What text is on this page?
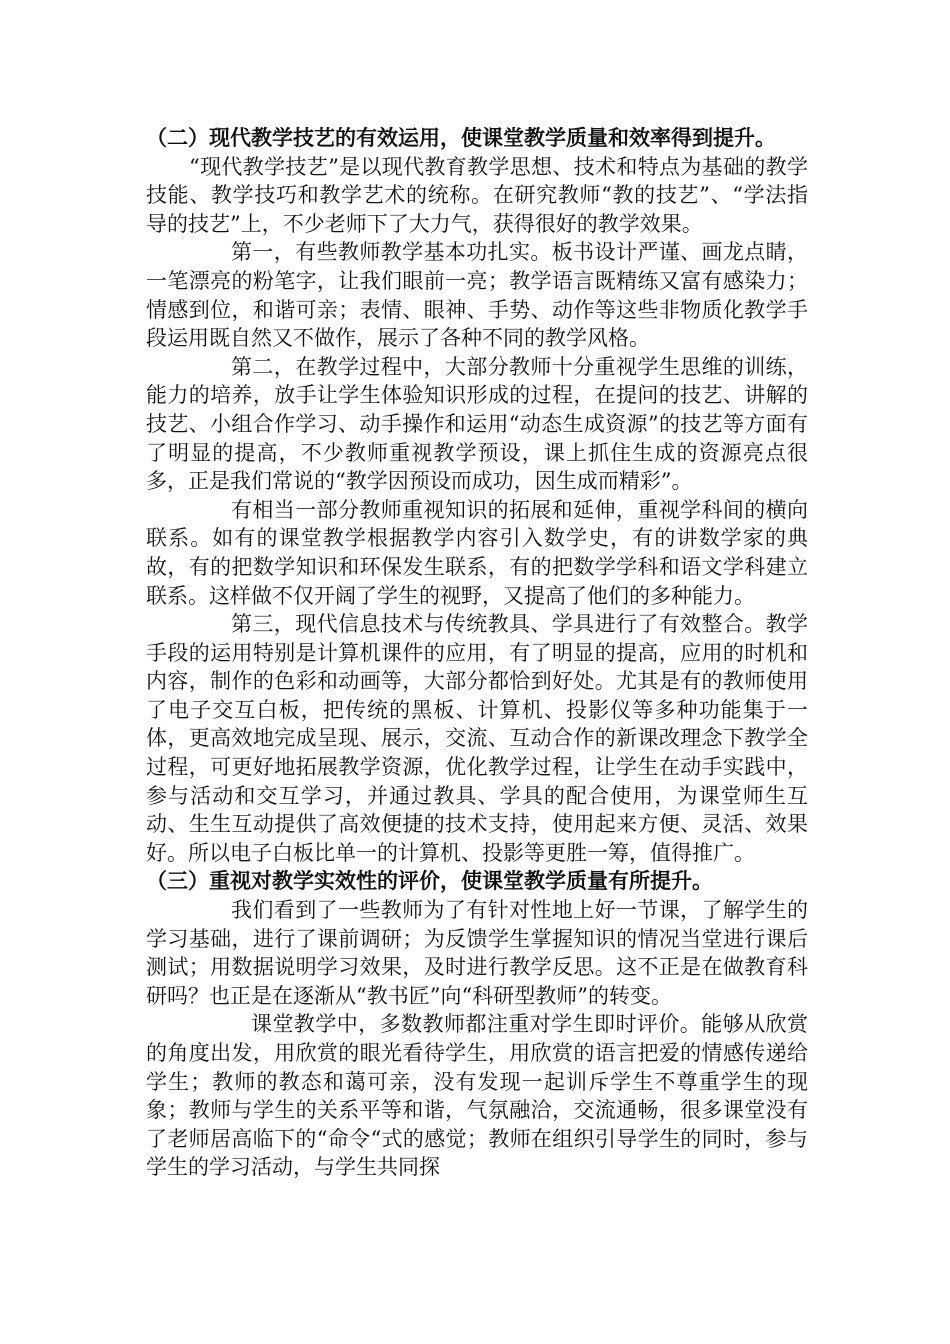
（二）现代教学技艺的有效运用，使课堂教学质量和效率得到提升。

“现代教学技艺”是以现代教育教学思想、技术和特点为基础的教学技能、教学技巧和教学艺术的统称。在研究教师“教的技艺”、“学法指导的技艺”上，不少老师下了大力气，获得很好的教学效果。

第一，有些教师教学基本功扎实。板书设计严谨、画龙点睛，一笔漂亮的粉笔字，让我们眼前一亮；教学语言既精练又富有感染力；情感到位，和谐可亲；表情、眼神、手势、动作等这些非物质化教学手段运用既自然又不做作，展示了各种不同的教学风格。

第二，在教学过程中，大部分教师十分重视学生思维的训练，能力的培养，放手让学生体验知识形成的过程，在提问的技艺、讲解的技艺、小组合作学习、动手操作和运用“动态生成资源”的技艺等方面有了明显的提高，不少教师重视教学预设，课上抓住生成的资源亮点很多，正是我们常说的“教学因预设而成功，因生成而精彩”。

有相当一部分教师重视知识的拓展和延伸，重视学科间的横向联系。如有的课堂教学根据教学内容引入数学史，有的讲数学家的典故，有的把数学知识和环保发生联系，有的把数学学科和语文学科建立联系。这样做不仅开阔了学生的视野，又提高了他们的多种能力。

第三，现代信息技术与传统教具、学具进行了有效整合。教学手段的运用特别是计算机课件的应用，有了明显的提高，应用的时机和内容，制作的色彩和动画等，大部分都恰到好处。尤其是有的教师使用了电子交互白板，把传统的黑板、计算机、投影仪等多种功能集于一体，更高效地完成呈现、展示，交流、互动合作的新课改理念下教学全过程，可更好地拓展教学资源，优化教学过程，让学生在动手实践中，参与活动和交互学习，并通过教具、学具的配合使用，为课堂师生互动、生生互动提供了高效便捷的技术支持，使用起来方便、灵活、效果好。所以电子白板比单一的计算机、投影等更胜一筹，值得推广。

（三）重视对教学实效性的评价，使课堂教学质量有所提升。

我们看到了一些教师为了有针对性地上好一节课，了解学生的学习基础，进行了课前调研；为反馈学生掌握知识的情况当堂进行课后测试；用数据说明学习效果，及时进行教学反思。这不正是在做教育科研吗？也正是在逐渐从“教书匠”向“科研型教师”的转变。

课堂教学中，多数教师都注重对学生即时评价。能够从欣赏的角度出发，用欣赏的眼光看待学生，用欣赏的语言把爱的情感传递给学生；教师的教态和蔼可亲，没有发现一起训斥学生不尊重学生的现象；教师与学生的关系平等和谐，气氛融洽，交流通畅，很多课堂没有了老师居高临下的“命令“式的感觉；教师在组织引导学生的同时，参与学生的学习活动，与学生共同探
